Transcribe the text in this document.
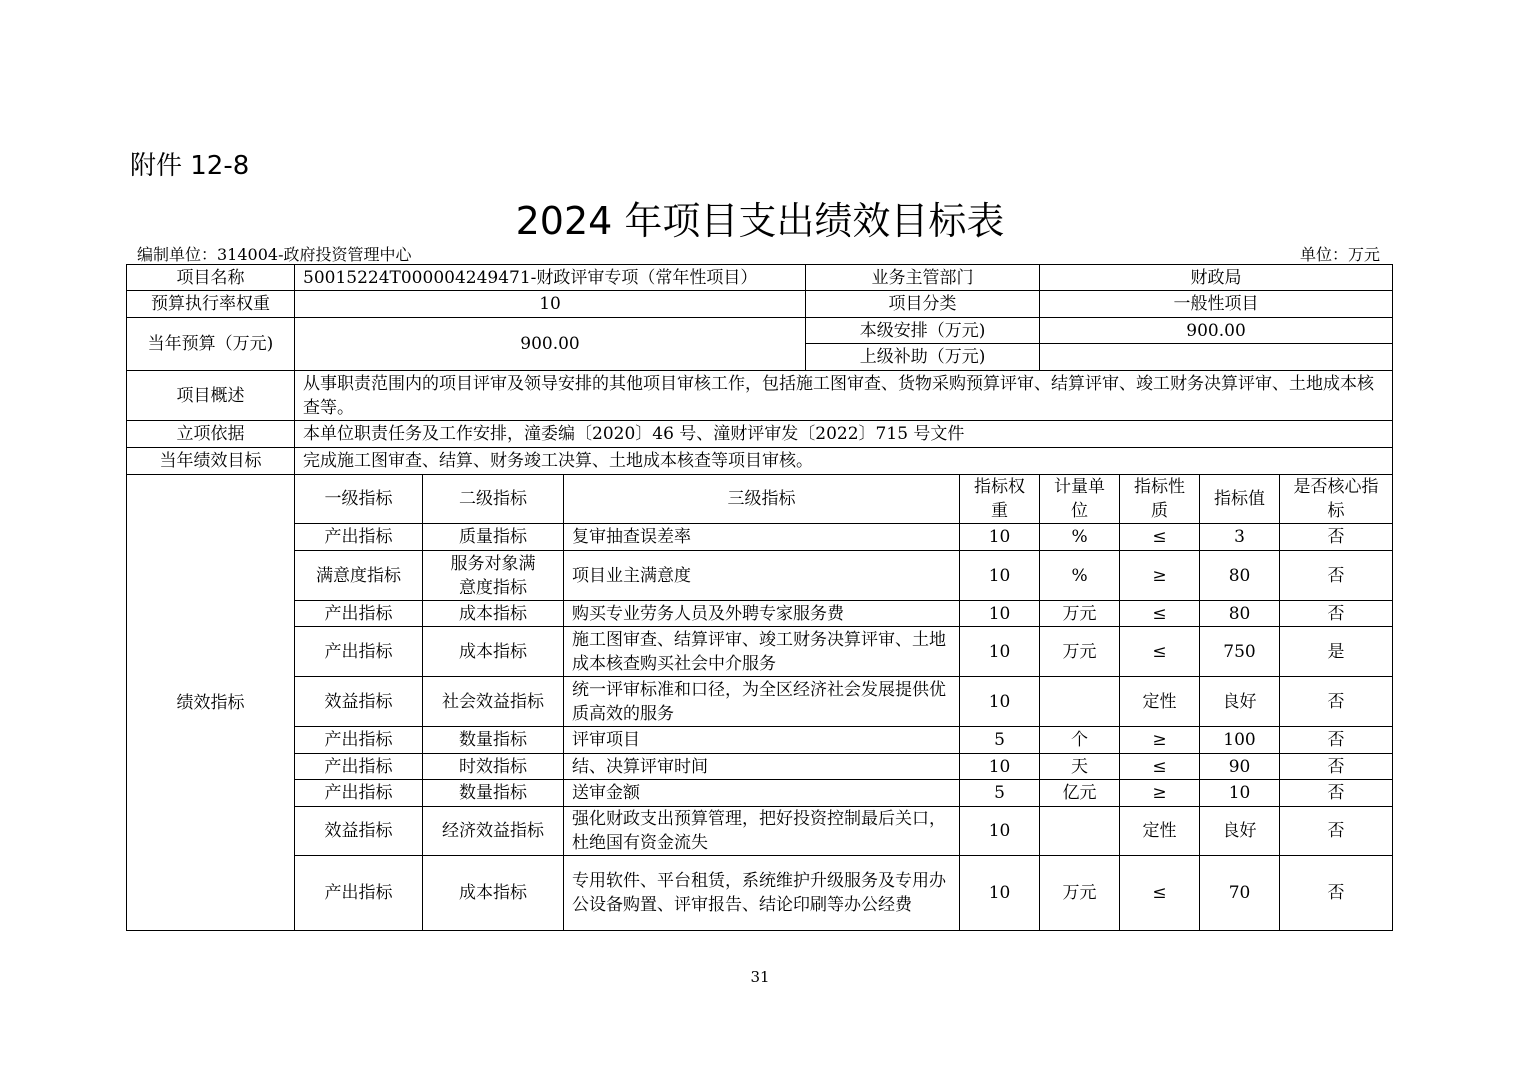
附件 12-8
2024 年项目支出绩效目标表
编制单位：314004-政府投资管理中心	单位：万元
项目名称	50015224T000004249471-财政评审专项（常年性项目）			业务主管部门		财政局			
预算执行率权重	10			项目分类		一般性项目			
当年预算（万元)	900.00			本级安排（万元)		900.00			
				上级补助（万元)					
项目概述	从事职责范围内的项目评审及领导安排的其他项目审核工作，包括施工图审查、货物采购预算评审、结算评审、竣工财务决算评审、土地成本核查等。								
立项依据	本单位职责任务及工作安排，潼委编〔2020〕46 号、潼财评审发〔2022〕715 号文件								
当年绩效目标	完成施工图审查、结算、财务竣工决算、土地成本核查等项目审核。								
绩效指标	一级指标	二级指标	三级指标		指标权重	计量单位	指标性质	指标值	是否核心指标
	产出指标	质量指标	复审抽查误差率		10	%	≤	3	否
	满意度指标	服务对象满意度指标	项目业主满意度		10	%	≥	80	否
	产出指标	成本指标	购买专业劳务人员及外聘专家服务费		10	万元	≤	80	否
	产出指标	成本指标	施工图审查、结算评审、竣工财务决算评审、土地成本核查购买社会中介服务		10	万元	≤	750	是
	效益指标	社会效益指标	统一评审标准和口径，为全区经济社会发展提供优质高效的服务		10		定性	良好	否
	产出指标	数量指标	评审项目		5	个	≥	100	否
	产出指标	时效指标	结、决算评审时间		10	天	≤	90	否
	产出指标	数量指标	送审金额		5	亿元	≥	10	否
	效益指标	经济效益指标	强化财政支出预算管理，把好投资控制最后关口，杜绝国有资金流失		10		定性	良好	否
	产出指标	成本指标	专用软件、平台租赁，系统维护升级服务及专用办公设备购置、评审报告、结论印刷等办公经费		10	万元	≤	70	否
31
